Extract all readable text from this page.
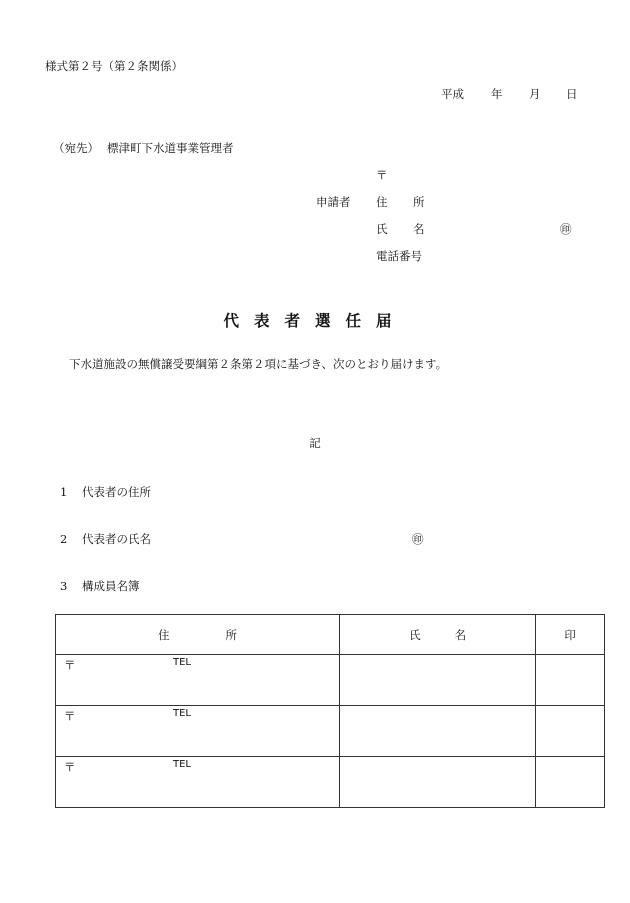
様式第２号（第２条関係）
平成 年 月 日
（宛先） 標津町下水道事業管理者
〒
申請者 住 所
氏 名	㊞
電話番号
代表者選任届
下水道施設の無償譲受要綱第２条第２項に基づき、次のとおり届けます。
記
1 代表者の住所
2 代表者の氏名	㊞
3 構成員名簿
住 所	氏 名	印

〒 TEL		

〒 TEL		

〒 TEL		
